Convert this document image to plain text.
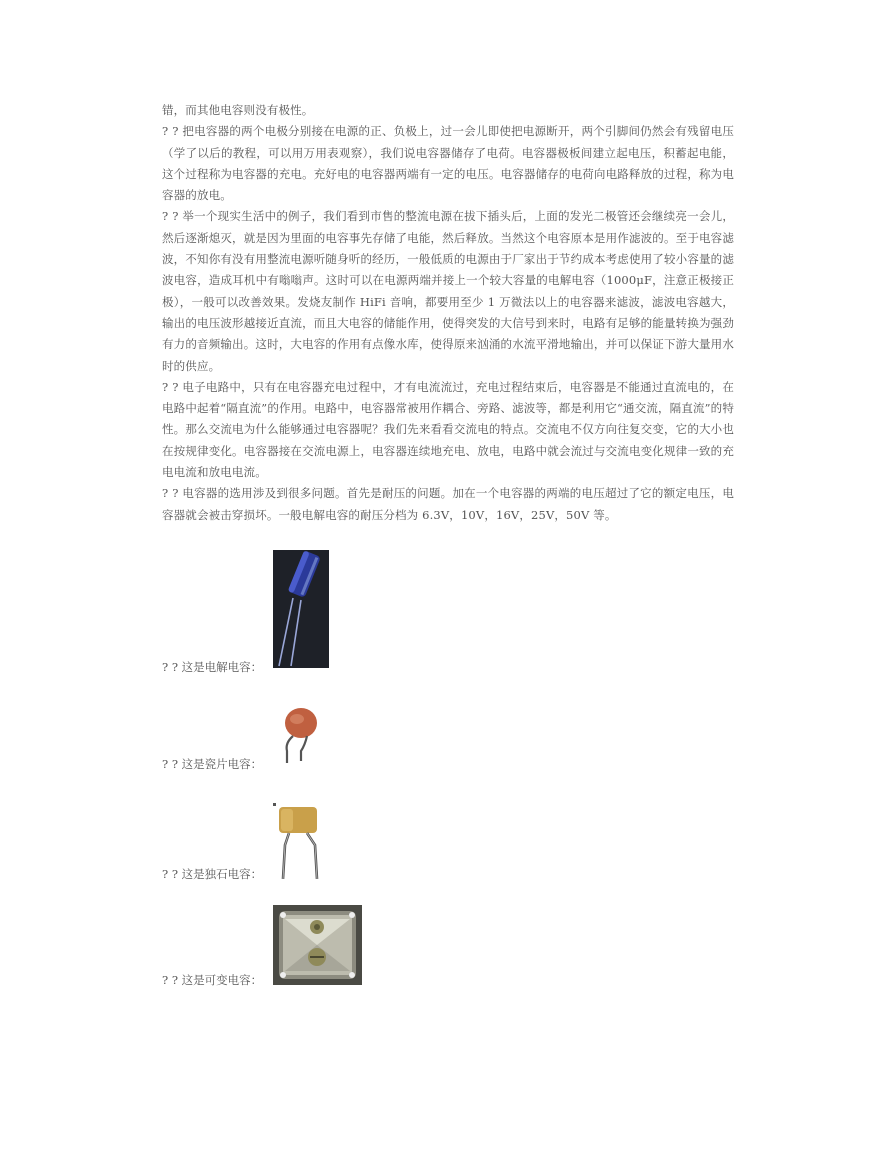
错，而其他电容则没有极性。

? ? 把电容器的两个电极分别接在电源的正、负极上，过一会儿即使把电源断开，两个引脚间仍然会有残留电压（学了以后的教程，可以用万用表观察），我们说电容器储存了电荷。电容器极板间建立起电压，积蓄起电能，这个过程称为电容器的充电。充好电的电容器两端有一定的电压。电容器储存的电荷向电路释放的过程，称为电容器的放电。

? ? 举一个现实生活中的例子，我们看到市售的整流电源在拔下插头后，上面的发光二极管还会继续亮一会儿，然后逐渐熄灭，就是因为里面的电容事先存储了电能，然后释放。当然这个电容原本是用作滤波的。至于电容滤波，不知你有没有用整流电源听随身听的经历，一般低质的电源由于厂家出于节约成本考虑使用了较小容量的滤波电容，造成耳机中有嗡嗡声。这时可以在电源两端并接上一个较大容量的电解电容（1000μF，注意正极接正极），一般可以改善效果。发烧友制作 HiFi 音响，都要用至少 1 万微法以上的电容器来滤波，滤波电容越大，输出的电压波形越接近直流，而且大电容的储能作用，使得突发的大信号到来时，电路有足够的能量转换为强劲有力的音频输出。这时，大电容的作用有点像水库，使得原来汹涌的水流平滑地输出，并可以保证下游大量用水时的供应。

? ? 电子电路中，只有在电容器充电过程中，才有电流流过，充电过程结束后，电容器是不能通过直流电的，在电路中起着“隔直流”的作用。电路中，电容器常被用作耦合、旁路、滤波等，都是利用它“通交流，隔直流”的特性。那么交流电为什么能够通过电容器呢？我们先来看看交流电的特点。交流电不仅方向往复交变，它的大小也在按规律变化。电容器接在交流电源上，电容器连续地充电、放电，电路中就会流过与交流电变化规律一致的充电电流和放电电流。

? ? 电容器的选用涉及到很多问题。首先是耐压的问题。加在一个电容器的两端的电压超过了它的额定电压，电容器就会被击穿损坏。一般电解电容的耐压分档为 6.3V，10V，16V，25V，50V 等。

? ? 这是电解电容：
? ? 这是瓷片电容：
? ? 这是独石电容：
? ? 这是可变电容：
